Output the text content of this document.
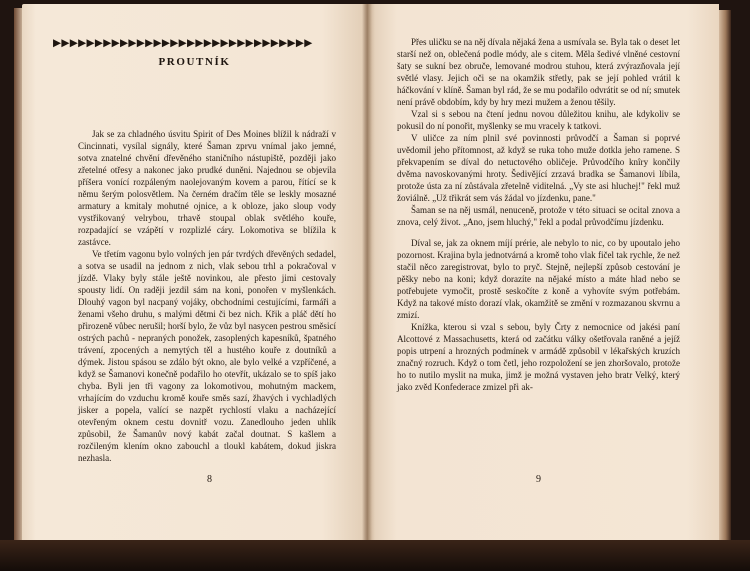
▶▶▶▶▶▶▶▶▶▶▶▶▶▶▶▶▶▶▶▶▶▶▶▶▶▶▶▶▶▶▶
PROUTNÍK

Jak se za chladného úsvitu Spirit of Des Moines blížil k nádraží v Cincinnati, vysílal signály, které Šaman zprvu vnímal jako jemné, sotva znatelné chvění dřevěného staničního nástupiště, později jako zřetelné otřesy a nakonec jako prudké duněni. Najednou se objevila příšera vonící rozpáleným naolejovaným kovem a parou, řítící se k němu šerým polosvětlem. Na černém dračím těle se leskly mosazné armatury a kmitaly mohutné ojnice, a k obloze, jako sloup vody vystřikovaný velrybou, trhavě stoupal oblak světlého kouře, rozpadající se vzápětí v rozplizlé cáry. Lokomotiva se blížila k zastávce.

Ve třetím vagonu bylo volných jen pár tvrdých dřevěných sedadel, a sotva se usadil na jednom z nich, vlak sebou trhl a pokračoval v jízdě. Vlaky byly stále ještě novinkou, ale přesto jimi cestovaly spousty lidí. On raději jezdil sám na koni, ponořen v myšlenkách. Dlouhý vagon byl nacpaný vojáky, obchodními cestujícími, farmáři a ženami všeho druhu, s malými dětmi či bez nich. Křik a pláč dětí ho přirozeně vůbec nerušil; horší bylo, že vůz byl nasycen pestrou směsicí ostrých pachů - nepraných ponožek, zasoplených kapesníků, špatného trávení, zpocených a nemytých těl a hustého kouře z doutníků a dýmek. Jistou spásou se zdálo být okno, ale bylo velké a vzpříčené, a když se Šamanovi konečně podařilo ho otevřít, ukázalo se to spíš jako chyba. Byli jen tři vagony za lokomotivou, mohutným mackem, vrhajícím do vzduchu kromě kouře směs sazí, žhavých i vychladlých jisker a popela, valící se nazpět rychlostí vlaku a nacházející otevřeným oknem cestu dovnitř vozu. Zanedlouho jeden uhlík způsobil, že Šamanův nový kabát začal doutnat. S kašlem a rozčileným klením okno zabouchl a tloukl kabátem, dokud jiskra nezhasla.

8

Přes uličku se na něj dívala nějaká žena a usmívala se. Byla tak o deset let starší než on, oblečená podle módy, ale s citem. Měla šedivé vlněné cestovní šaty se sukní bez obruče, lemované modrou stuhou, která zvýrazňovala její světlé vlasy. Jejich oči se na okamžik střetly, pak se její pohled vrátil k háčkování v klíně. Šaman byl rád, že se mu podařilo odvrátit se od ní; smutek není právě obdobím, kdy by hry mezi mužem a ženou těšily.

Vzal si s sebou na čtení jednu novou důležitou knihu, ale kdykoliv se pokusil do ní ponořit, myšlenky se mu vracely k tatkovi.

V uličce za ním plnil své povinnosti průvodčí a Šaman si poprvé uvědomil jeho přítomnost, až když se ruka toho muže dotkla jeho ramene. S překvapením se díval do netuctového obličeje. Průvodčího knîry končily dvěma navoskovanými hroty. Šedivějící zrzavá bradka se Šamanovi líbila, protože ústa za ní zůstávala zřetelně viditelná. „Vy ste asi hluchej!" řekl muž žoviálně. „Už třikrát sem vás žádal vo jízdenku, pane."

Šaman se na něj usmál, nenuceně, protože v této situaci se ocital znova a znova, celý život. „Ano, jsem hluchý," řekl a podal průvodčímu jízdenku.

Díval se, jak za oknem míjí prérie, ale nebylo to nic, co by upoutalo jeho pozornost. Krajina byla jednotvárná a kromě toho vlak fičel tak rychle, že než stačil něco zaregistrovat, bylo to pryč. Stejně, nejlepší způsob cestování je pěšky nebo na koni; když dorazíte na nějaké místo a máte hlad nebo se potřebujete vymočit, prostě seskočíte z koně a vyhovíte svým potřebám. Když na takové místo dorazí vlak, okamžitě se změní v rozmazanou skvrnu a zmizí.

Knížka, kterou si vzal s sebou, byly Črty z nemocnice od jakési paní Alcottové z Massachusetts, která od začátku války ošetřovala raněné a jejíž popis utrpení a hrozných podmínek v armádě způsobil v lékařských kruzích značný rozruch. Když o tom četl, jeho rozpoložení se jen zhoršovalo, protože ho to nutilo myslit na muka, jimž je možná vystaven jeho bratr Velký, který jako zvěd Konfederace zmizel při ak-

9
